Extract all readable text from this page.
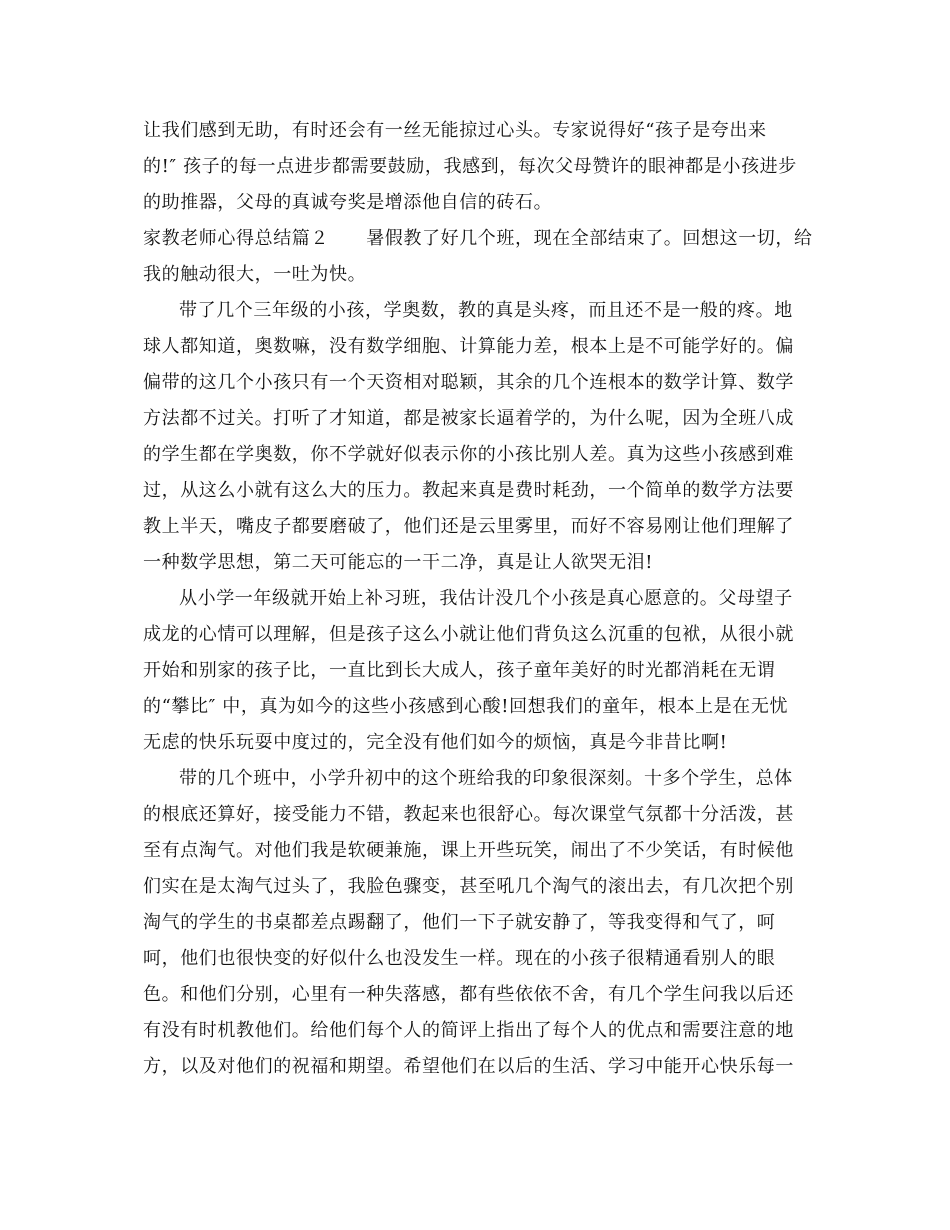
让我们感到无助，有时还会有一丝无能掠过心头。专家说得好“孩子是夸出来
的!″ 孩子的每一点进步都需要鼓励，我感到，每次父母赞许的眼神都是小孩进步
的助推器，父母的真诚夸奖是增添他自信的砖石。
家教老师心得总结篇２　　暑假教了好几个班，现在全部结束了。回想这一切，给
我的触动很大，一吐为快。
带了几个三年级的小孩，学奥数，教的真是头疼，而且还不是一般的疼。地
球人都知道，奥数嘛，没有数学细胞、计算能力差，根本上是不可能学好的。偏
偏带的这几个小孩只有一个天资相对聪颖，其余的几个连根本的数学计算、数学
方法都不过关。打听了才知道，都是被家长逼着学的，为什么呢，因为全班八成
的学生都在学奥数，你不学就好似表示你的小孩比别人差。真为这些小孩感到难
过，从这么小就有这么大的压力。教起来真是费时耗劲，一个简单的数学方法要
教上半天，嘴皮子都要磨破了，他们还是云里雾里，而好不容易刚让他们理解了
一种数学思想，第二天可能忘的一干二净，真是让人欲哭无泪!
从小学一年级就开始上补习班，我估计没几个小孩是真心愿意的。父母望子
成龙的心情可以理解，但是孩子这么小就让他们背负这么沉重的包袱，从很小就
开始和别家的孩子比，一直比到长大成人，孩子童年美好的时光都消耗在无谓
的“攀比″ 中，真为如今的这些小孩感到心酸!回想我们的童年，根本上是在无忧
无虑的快乐玩耍中度过的，完全没有他们如今的烦恼，真是今非昔比啊!
带的几个班中，小学升初中的这个班给我的印象很深刻。十多个学生，总体
的根底还算好，接受能力不错，教起来也很舒心。每次课堂气氛都十分活泼，甚
至有点淘气。对他们我是软硬兼施，课上开些玩笑，闹出了不少笑话，有时候他
们实在是太淘气过头了，我脸色骤变，甚至吼几个淘气的滚出去，有几次把个别
淘气的学生的书桌都差点踢翻了，他们一下子就安静了，等我变得和气了，呵
呵，他们也很快变的好似什么也没发生一样。现在的小孩子很精通看别人的眼
色。和他们分别，心里有一种失落感，都有些依依不舍，有几个学生问我以后还
有没有时机教他们。给他们每个人的简评上指出了每个人的优点和需要注意的地
方，以及对他们的祝福和期望。希望他们在以后的生活、学习中能开心快乐每一
